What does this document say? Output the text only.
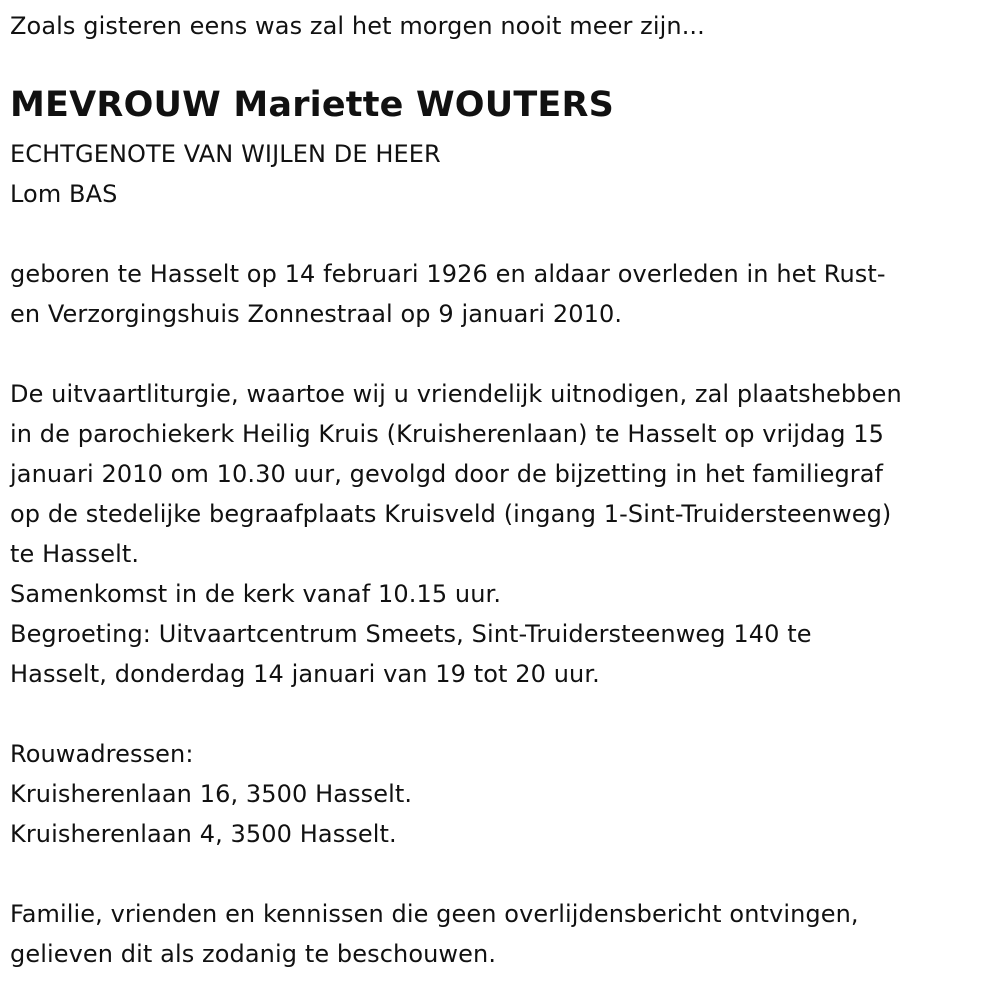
Zoals gisteren eens was zal het morgen nooit meer zijn...
MEVROUW Mariette WOUTERS
ECHTGENOTE VAN WIJLEN DE HEER
Lom BAS
geboren te Hasselt op 14 februari 1926 en aldaar overleden in het Rust-
en Verzorgingshuis Zonnestraal op 9 januari 2010.
De uitvaartliturgie, waartoe wij u vriendelijk uitnodigen, zal plaatshebben
in de parochiekerk Heilig Kruis (Kruisherenlaan) te Hasselt op vrijdag 15
januari 2010 om 10.30 uur, gevolgd door de bijzetting in het familiegraf
op de stedelijke begraafplaats Kruisveld (ingang 1-Sint-Truidersteenweg)
te Hasselt.
Samenkomst in de kerk vanaf 10.15 uur.
Begroeting: Uitvaartcentrum Smeets, Sint-Truidersteenweg 140 te
Hasselt, donderdag 14 januari van 19 tot 20 uur.
Rouwadressen:
Kruisherenlaan 16, 3500 Hasselt.
Kruisherenlaan 4, 3500 Hasselt.
Familie, vrienden en kennissen die geen overlijdensbericht ontvingen,
gelieven dit als zodanig te beschouwen.
